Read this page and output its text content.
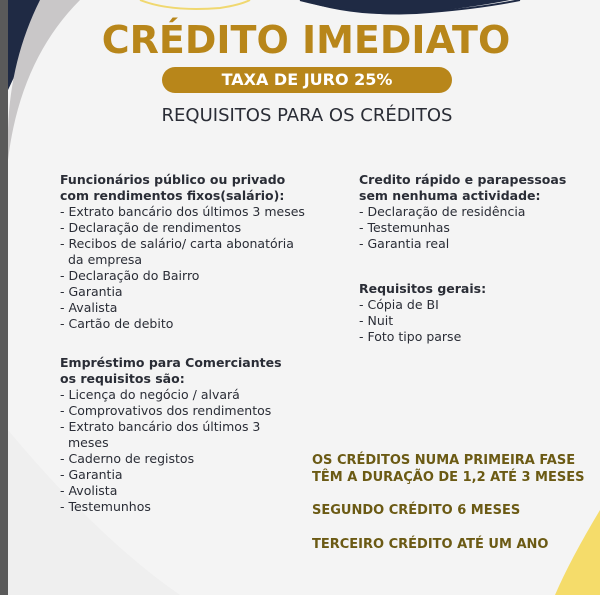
CRÉDITO IMEDIATO
TAXA DE JURO 25%
REQUISITOS PARA OS CRÉDITOS
Funcionários público ou privado
com rendimentos fixos(salário):
- Extrato bancário dos últimos 3 meses
- Declaração de rendimentos
- Recibos de salário/ carta abonatória
da empresa
- Declaração do Bairro
- Garantia
- Avalista
- Cartão de debito
Empréstimo para Comerciantes
os requisitos são:
- Licença do negócio / alvará
- Comprovativos dos rendimentos
- Extrato bancário dos últimos 3
meses
- Caderno de registos
- Garantia
- Avolista
- Testemunhos
Credito rápido e parapessoas
sem nenhuma actividade:
- Declaração de residência
- Testemunhas
- Garantia real
Requisitos gerais:
- Cópia de BI
- Nuit
- Foto tipo parse
OS CRÉDITOS NUMA PRIMEIRA FASE
TÊM A DURAÇÃO DE 1,2 ATÉ 3 MESES
SEGUNDO CRÉDITO 6 MESES
TERCEIRO CRÉDITO ATÉ UM ANO
